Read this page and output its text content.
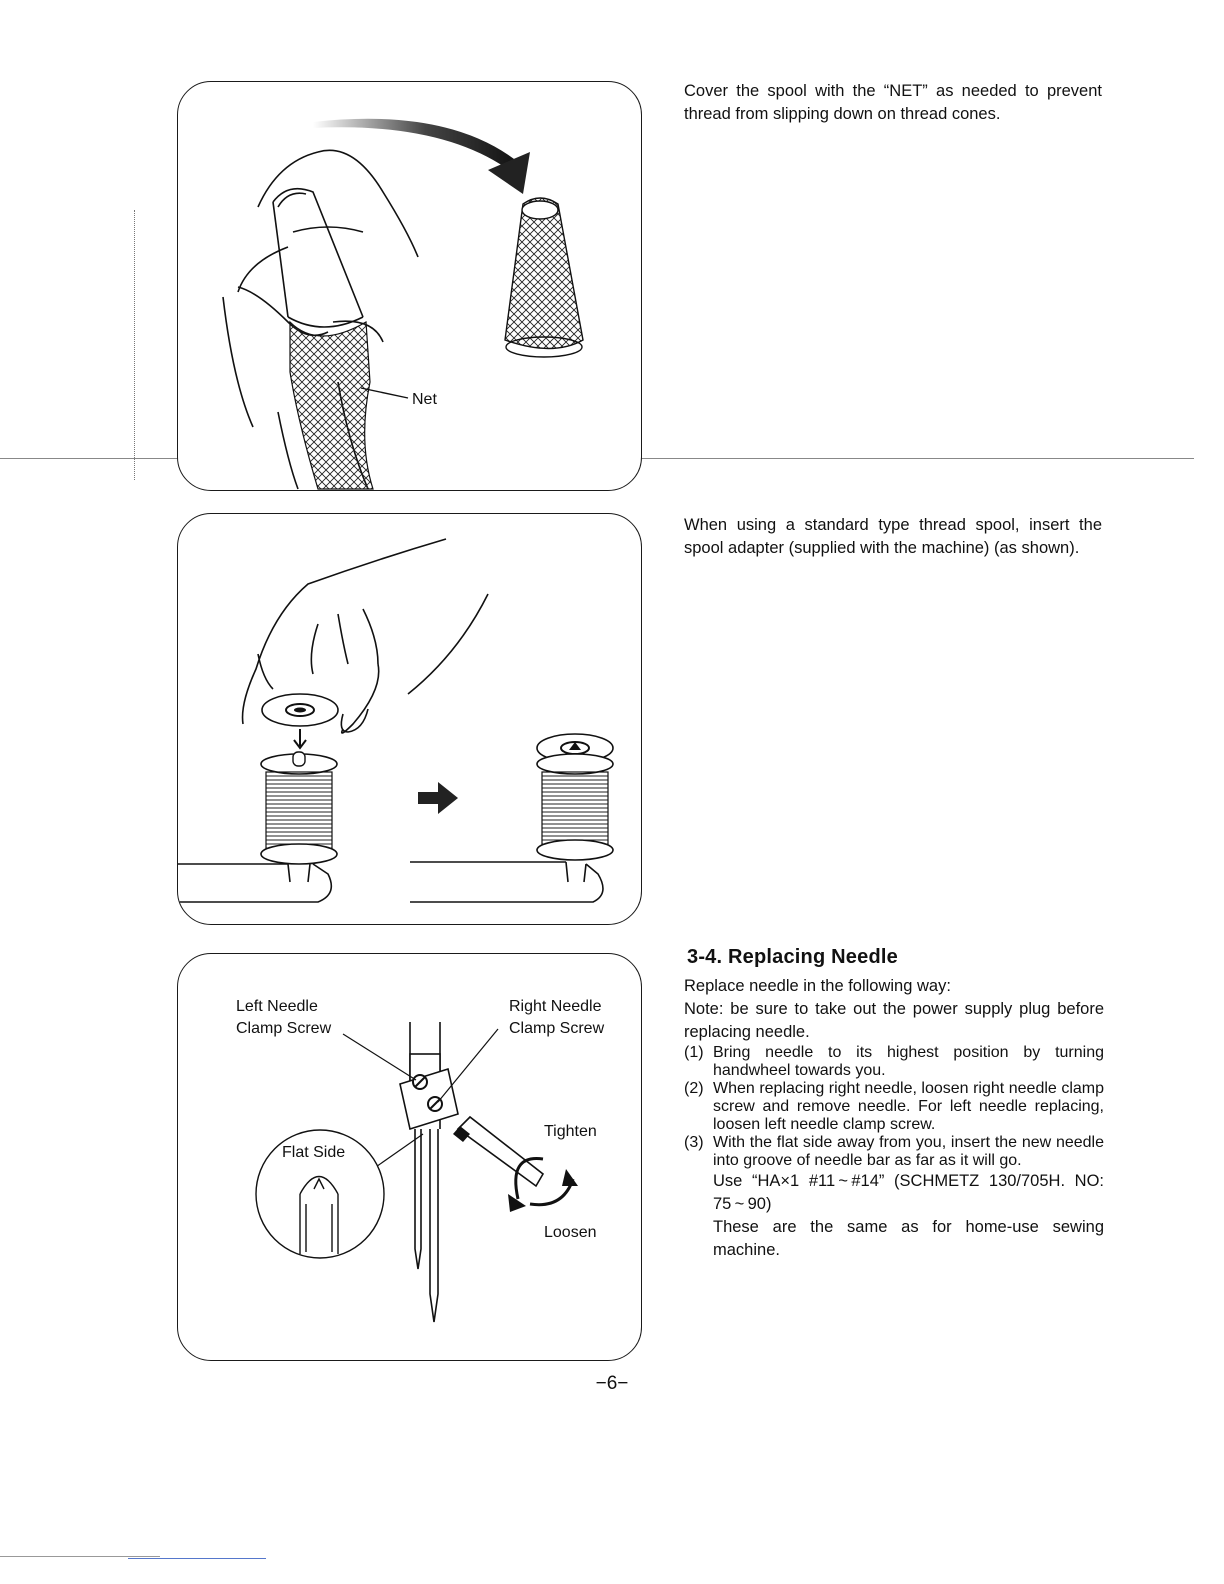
Net
Cover the spool with the “NET” as needed to prevent thread from slipping down on thread cones.
When using a standard type thread spool, insert the spool adapter (supplied with the machine) (as shown).
Left Needle
Clamp Screw
Right Needle
Clamp Screw
Tighten
Loosen
Flat Side
3-4. Replacing Needle

Replace needle in the following way:

Note: be sure to take out the power supply plug before replacing needle.

(1) Bring needle to its highest position by turning handwheel towards you.
(2) When replacing right needle, loosen right needle clamp screw and remove needle. For left needle replacing, loosen left needle clamp screw.
(3) With the flat side away from you, insert the new needle into groove of needle bar as far as it will go.

Use “HA×1 #11 ~ #14” (SCHMETZ 130/705H. NO: 75 ~ 90)

These are the same as for home-use sewing machine.

−6−
